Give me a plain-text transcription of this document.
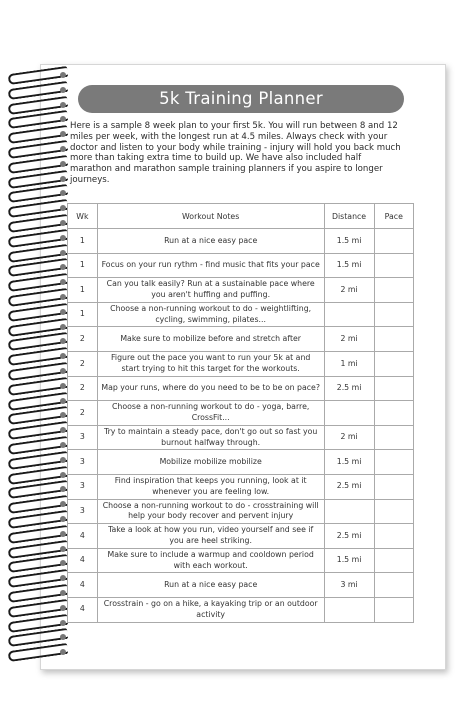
5k Training Planner
Here is a sample 8 week plan to your first 5k. You will run between 8 and 12 miles per week, with the longest run at 4.5 miles. Always check with your doctor and listen to your body while training - injury will hold you back much more than taking extra time to build up. We have also included half marathon and marathon sample training planners if you aspire to longer journeys.
Wk	Workout Notes	Distance	Pace
1	Run at a nice easy pace	1.5 mi	
1	Focus on your run rythm - find music that fits your pace	1.5 mi	
1	Can you talk easily? Run at a sustainable pace where you aren't huffing and puffing.	2 mi	
1	Choose a non-running workout to do - weightlifting, cycling, swimming, pilates...		
2	Make sure to mobilize before and stretch after	2 mi	
2	Figure out the pace you want to run your 5k at and start trying to hit this target for the workouts.	1 mi	
2	Map your runs, where do you need to be to be on pace?	2.5 mi	
2	Choose a non-running workout to do - yoga, barre, CrossFit...		
3	Try to maintain a steady pace, don't go out so fast you burnout halfway through.	2 mi	
3	Mobilize mobilize mobilize	1.5 mi	
3	Find inspiration that keeps you running, look at it whenever you are feeling low.	2.5 mi	
3	Choose a non-running workout to do - crosstraining will help your body recover and pervent injury		
4	Take a look at how you run, video yourself and see if you are heel striking.	2.5 mi	
4	Make sure to include a warmup and cooldown period with each workout.	1.5 mi	
4	Run at a nice easy pace	3 mi	
4	Crosstrain - go on a hike, a kayaking trip or an outdoor activity		
